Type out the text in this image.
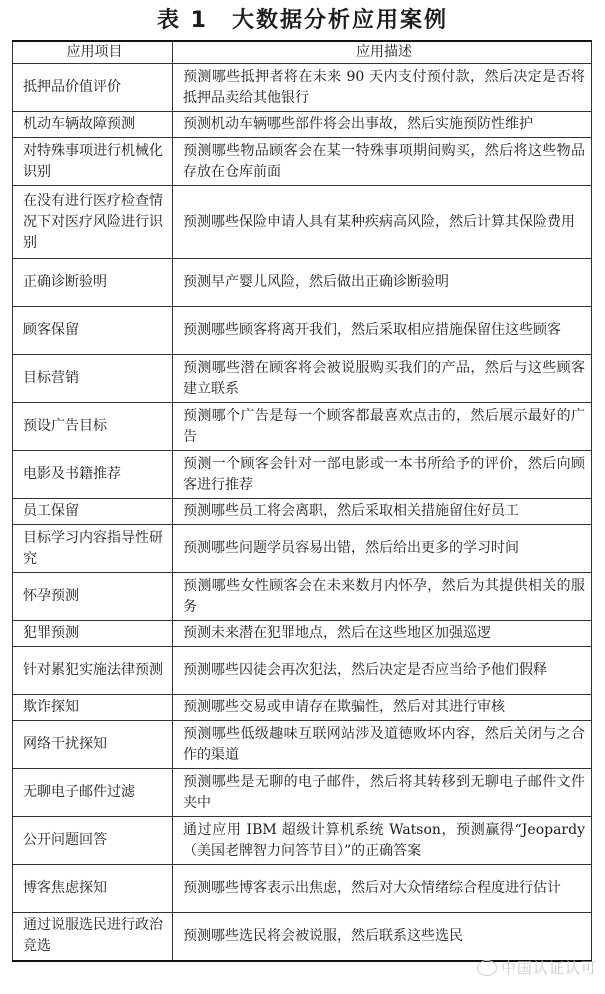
表 1 大数据分析应用案例
应用项目	应用描述
抵押品价值评价	预测哪些抵押者将在未来 90 天内支付预付款，然后决定是否将抵押品卖给其他银行
机动车辆故障预测	预测机动车辆哪些部件将会出事故，然后实施预防性维护
对特殊事项进行机械化识别	预测哪些物品顾客会在某一特殊事项期间购买，然后将这些物品存放在仓库前面
在没有进行医疗检查情况下对医疗风险进行识别	预测哪些保险申请人具有某种疾病高风险，然后计算其保险费用
正确诊断验明	预测早产婴儿风险，然后做出正确诊断验明
顾客保留	预测哪些顾客将离开我们，然后采取相应措施保留住这些顾客
目标营销	预测哪些潜在顾客将会被说服购买我们的产品，然后与这些顾客建立联系
预设广告目标	预测哪个广告是每一个顾客都最喜欢点击的，然后展示最好的广告
电影及书籍推荐	预测一个顾客会针对一部电影或一本书所给予的评价，然后向顾客进行推荐
员工保留	预测哪些员工将会离职，然后采取相关措施留住好员工
目标学习内容指导性研究	预测哪些问题学员容易出错，然后给出更多的学习时间
怀孕预测	预测哪些女性顾客会在未来数月内怀孕，然后为其提供相关的服务
犯罪预测	预测未来潜在犯罪地点，然后在这些地区加强巡逻
针对累犯实施法律预测	预测哪些囚徒会再次犯法，然后决定是否应当给予他们假释
欺诈探知	预测哪些交易或申请存在欺骗性，然后对其进行审核
网络干扰探知	预测哪些低级趣味互联网站涉及道德败坏内容，然后关闭与之合作的渠道
无聊电子邮件过滤	预测哪些是无聊的电子邮件，然后将其转移到无聊电子邮件文件夹中
公开问题回答	通过应用 IBM 超级计算机系统 Watson，预测赢得“Jeopardy（美国老牌智力问答节目）”的正确答案
博客焦虑探知	预测哪些博客表示出焦虑，然后对大众情绪综合程度进行估计
通过说服选民进行政治竞选	预测哪些选民将会被说服，然后联系这些选民
中国认证认可
